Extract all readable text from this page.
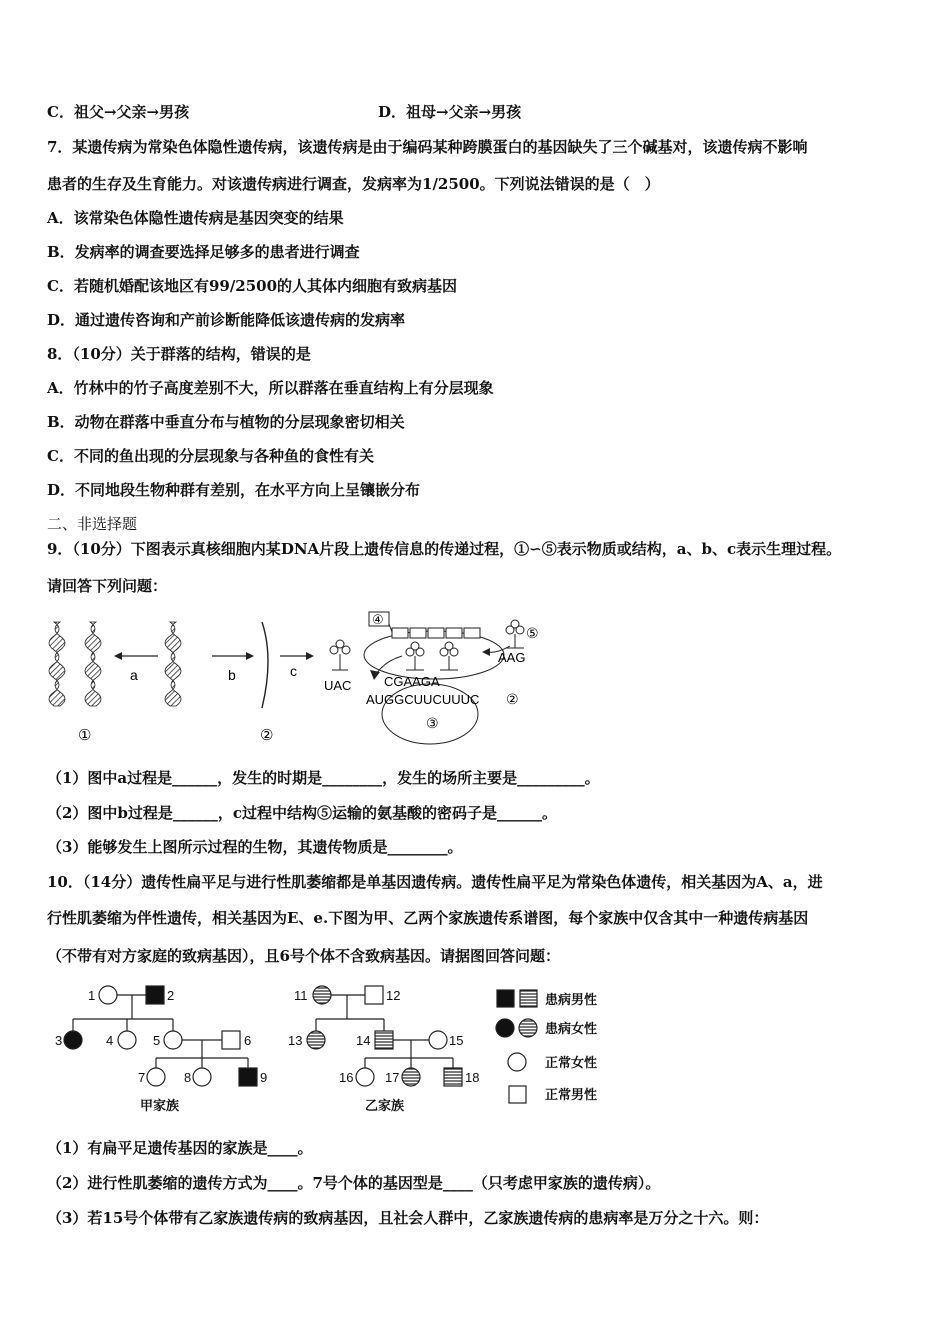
C．祖父→父亲→男孩	D．祖母→父亲→男孩
7．某遗传病为常染色体隐性遗传病，该遗传病是由于编码某种跨膜蛋白的基因缺失了三个碱基对，该遗传病不影响
患者的生存及生育能力。对该遗传病进行调查，发病率为1/2500。下列说法错误的是（　）
A．该常染色体隐性遗传病是基因突变的结果
B．发病率的调查要选择足够多的患者进行调查
C．若随机婚配该地区有99/2500的人其体内细胞有致病基因
D．通过遗传咨询和产前诊断能降低该遗传病的发病率
8．（10分）关于群落的结构，错误的是
A．竹林中的竹子高度差别不大，所以群落在垂直结构上有分层现象
B．动物在群落中垂直分布与植物的分层现象密切相关
C．不同的鱼出现的分层现象与各种鱼的食性有关
D．不同地段生物种群有差别，在水平方向上呈镶嵌分布
二、非选择题
9．（10分）下图表示真核细胞内某DNA片段上遗传信息的传递过程，①∽⑤表示物质或结构，a、b、c表示生理过程。
请回答下列问题：
a	b	c
UAC
④
⑤
AAG
CGAAGA
AUGGCUUCUUUC ②
③
①	②
（1）图中a过程是______，发生的时期是________，发生的场所主要是_________。
（2）图中b过程是______，c过程中结构⑤运输的氨基酸的密码子是______。
（3）能够发生上图所示过程的生物，其遗传物质是________。
10．（14分）遗传性扁平足与进行性肌萎缩都是单基因遗传病。遗传性扁平足为常染色体遗传，相关基因为A、a，进
行性肌萎缩为伴性遗传，相关基因为E、e.下图为甲、乙两个家族遗传系谱图，每个家族中仅含其中一种遗传病基因
（不带有对方家庭的致病基因），且6号个体不含致病基因。请据图回答问题：
1	2
3	4	5	6
7	8	9
11	12
13	14	15
16 17	18
甲家族	乙家族
患病男性
患病女性
正常女性
正常男性
（1）有扁平足遗传基因的家族是____。
（2）进行性肌萎缩的遗传方式为____。7号个体的基因型是____（只考虑甲家族的遗传病）。
（3）若15号个体带有乙家族遗传病的致病基因，且社会人群中，乙家族遗传病的患病率是万分之十六。则：
